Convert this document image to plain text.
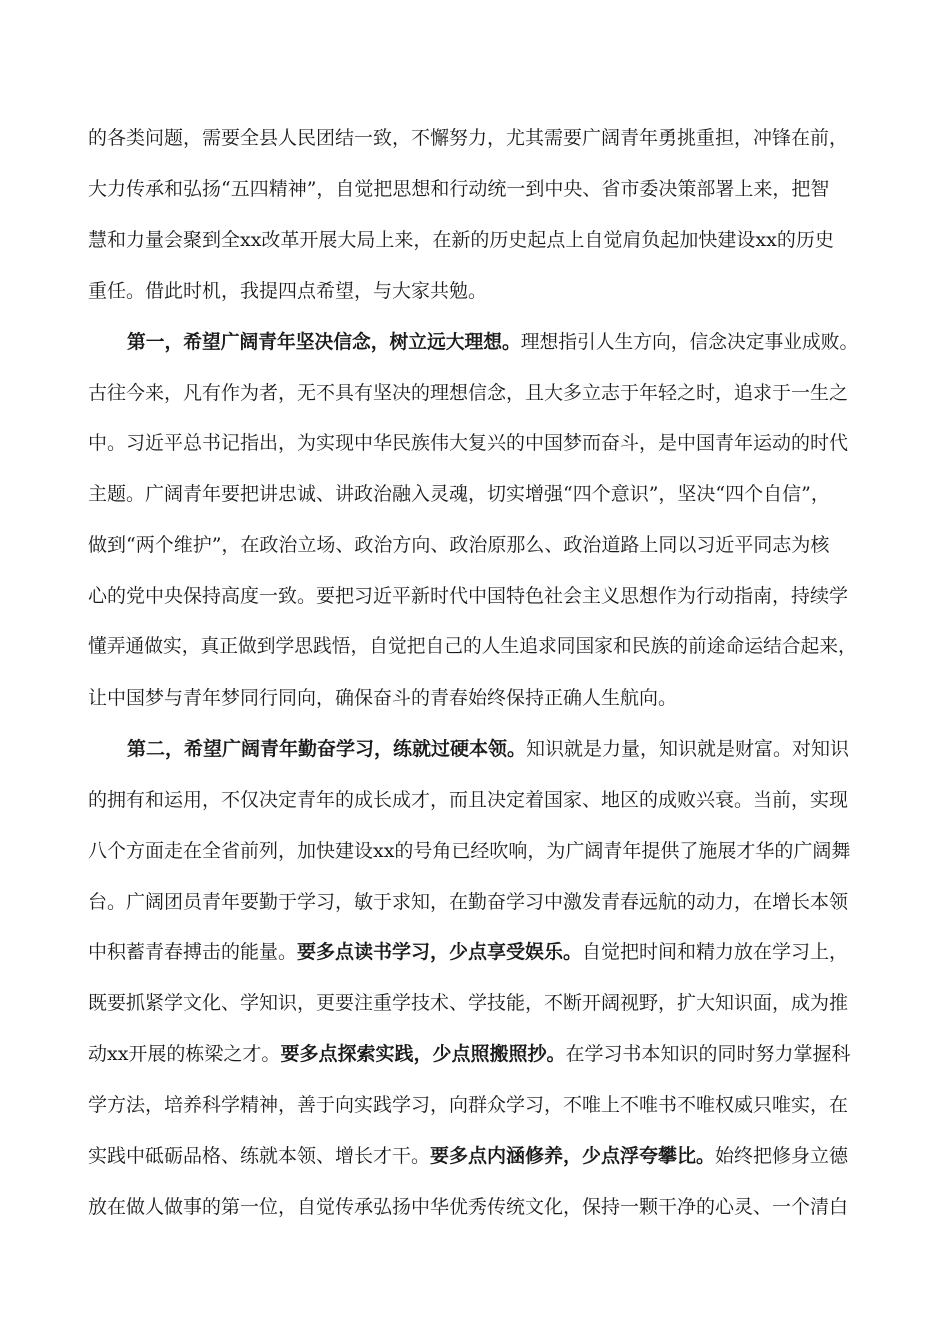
的各类问题，需要全县人民团结一致，不懈努力，尤其需要广阔青年勇挑重担，冲锋在前，
大力传承和弘扬“五四精神”，自觉把思想和行动统一到中央、省市委决策部署上来，把智
慧和力量会聚到全xx改革开展大局上来，在新的历史起点上自觉肩负起加快建设xx的历史
重任。借此时机，我提四点希望，与大家共勉。
第一，希望广阔青年坚决信念，树立远大理想。理想指引人生方向，信念决定事业成败。
古往今来，凡有作为者，无不具有坚决的理想信念，且大多立志于年轻之时，追求于一生之
中。习近平总书记指出，为实现中华民族伟大复兴的中国梦而奋斗，是中国青年运动的时代
主题。广阔青年要把讲忠诚、讲政治融入灵魂，切实增强“四个意识”，坚决“四个自信”，
做到“两个维护”，在政治立场、政治方向、政治原那么、政治道路上同以习近平同志为核
心的党中央保持高度一致。要把习近平新时代中国特色社会主义思想作为行动指南，持续学
懂弄通做实，真正做到学思践悟，自觉把自己的人生追求同国家和民族的前途命运结合起来，
让中国梦与青年梦同行同向，确保奋斗的青春始终保持正确人生航向。
第二，希望广阔青年勤奋学习，练就过硬本领。知识就是力量，知识就是财富。对知识
的拥有和运用，不仅决定青年的成长成才，而且决定着国家、地区的成败兴衰。当前，实现
八个方面走在全省前列，加快建设xx的号角已经吹响，为广阔青年提供了施展才华的广阔舞
台。广阔团员青年要勤于学习，敏于求知，在勤奋学习中激发青春远航的动力，在增长本领
中积蓄青春搏击的能量。要多点读书学习，少点享受娱乐。自觉把时间和精力放在学习上，
既要抓紧学文化、学知识，更要注重学技术、学技能，不断开阔视野，扩大知识面，成为推
动xx开展的栋梁之才。要多点探索实践，少点照搬照抄。在学习书本知识的同时努力掌握科
学方法，培养科学精神，善于向实践学习，向群众学习，不唯上不唯书不唯权威只唯实，在
实践中砥砺品格、练就本领、增长才干。要多点内涵修养，少点浮夸攀比。始终把修身立德
放在做人做事的第一位，自觉传承弘扬中华优秀传统文化，保持一颗干净的心灵、一个清白
